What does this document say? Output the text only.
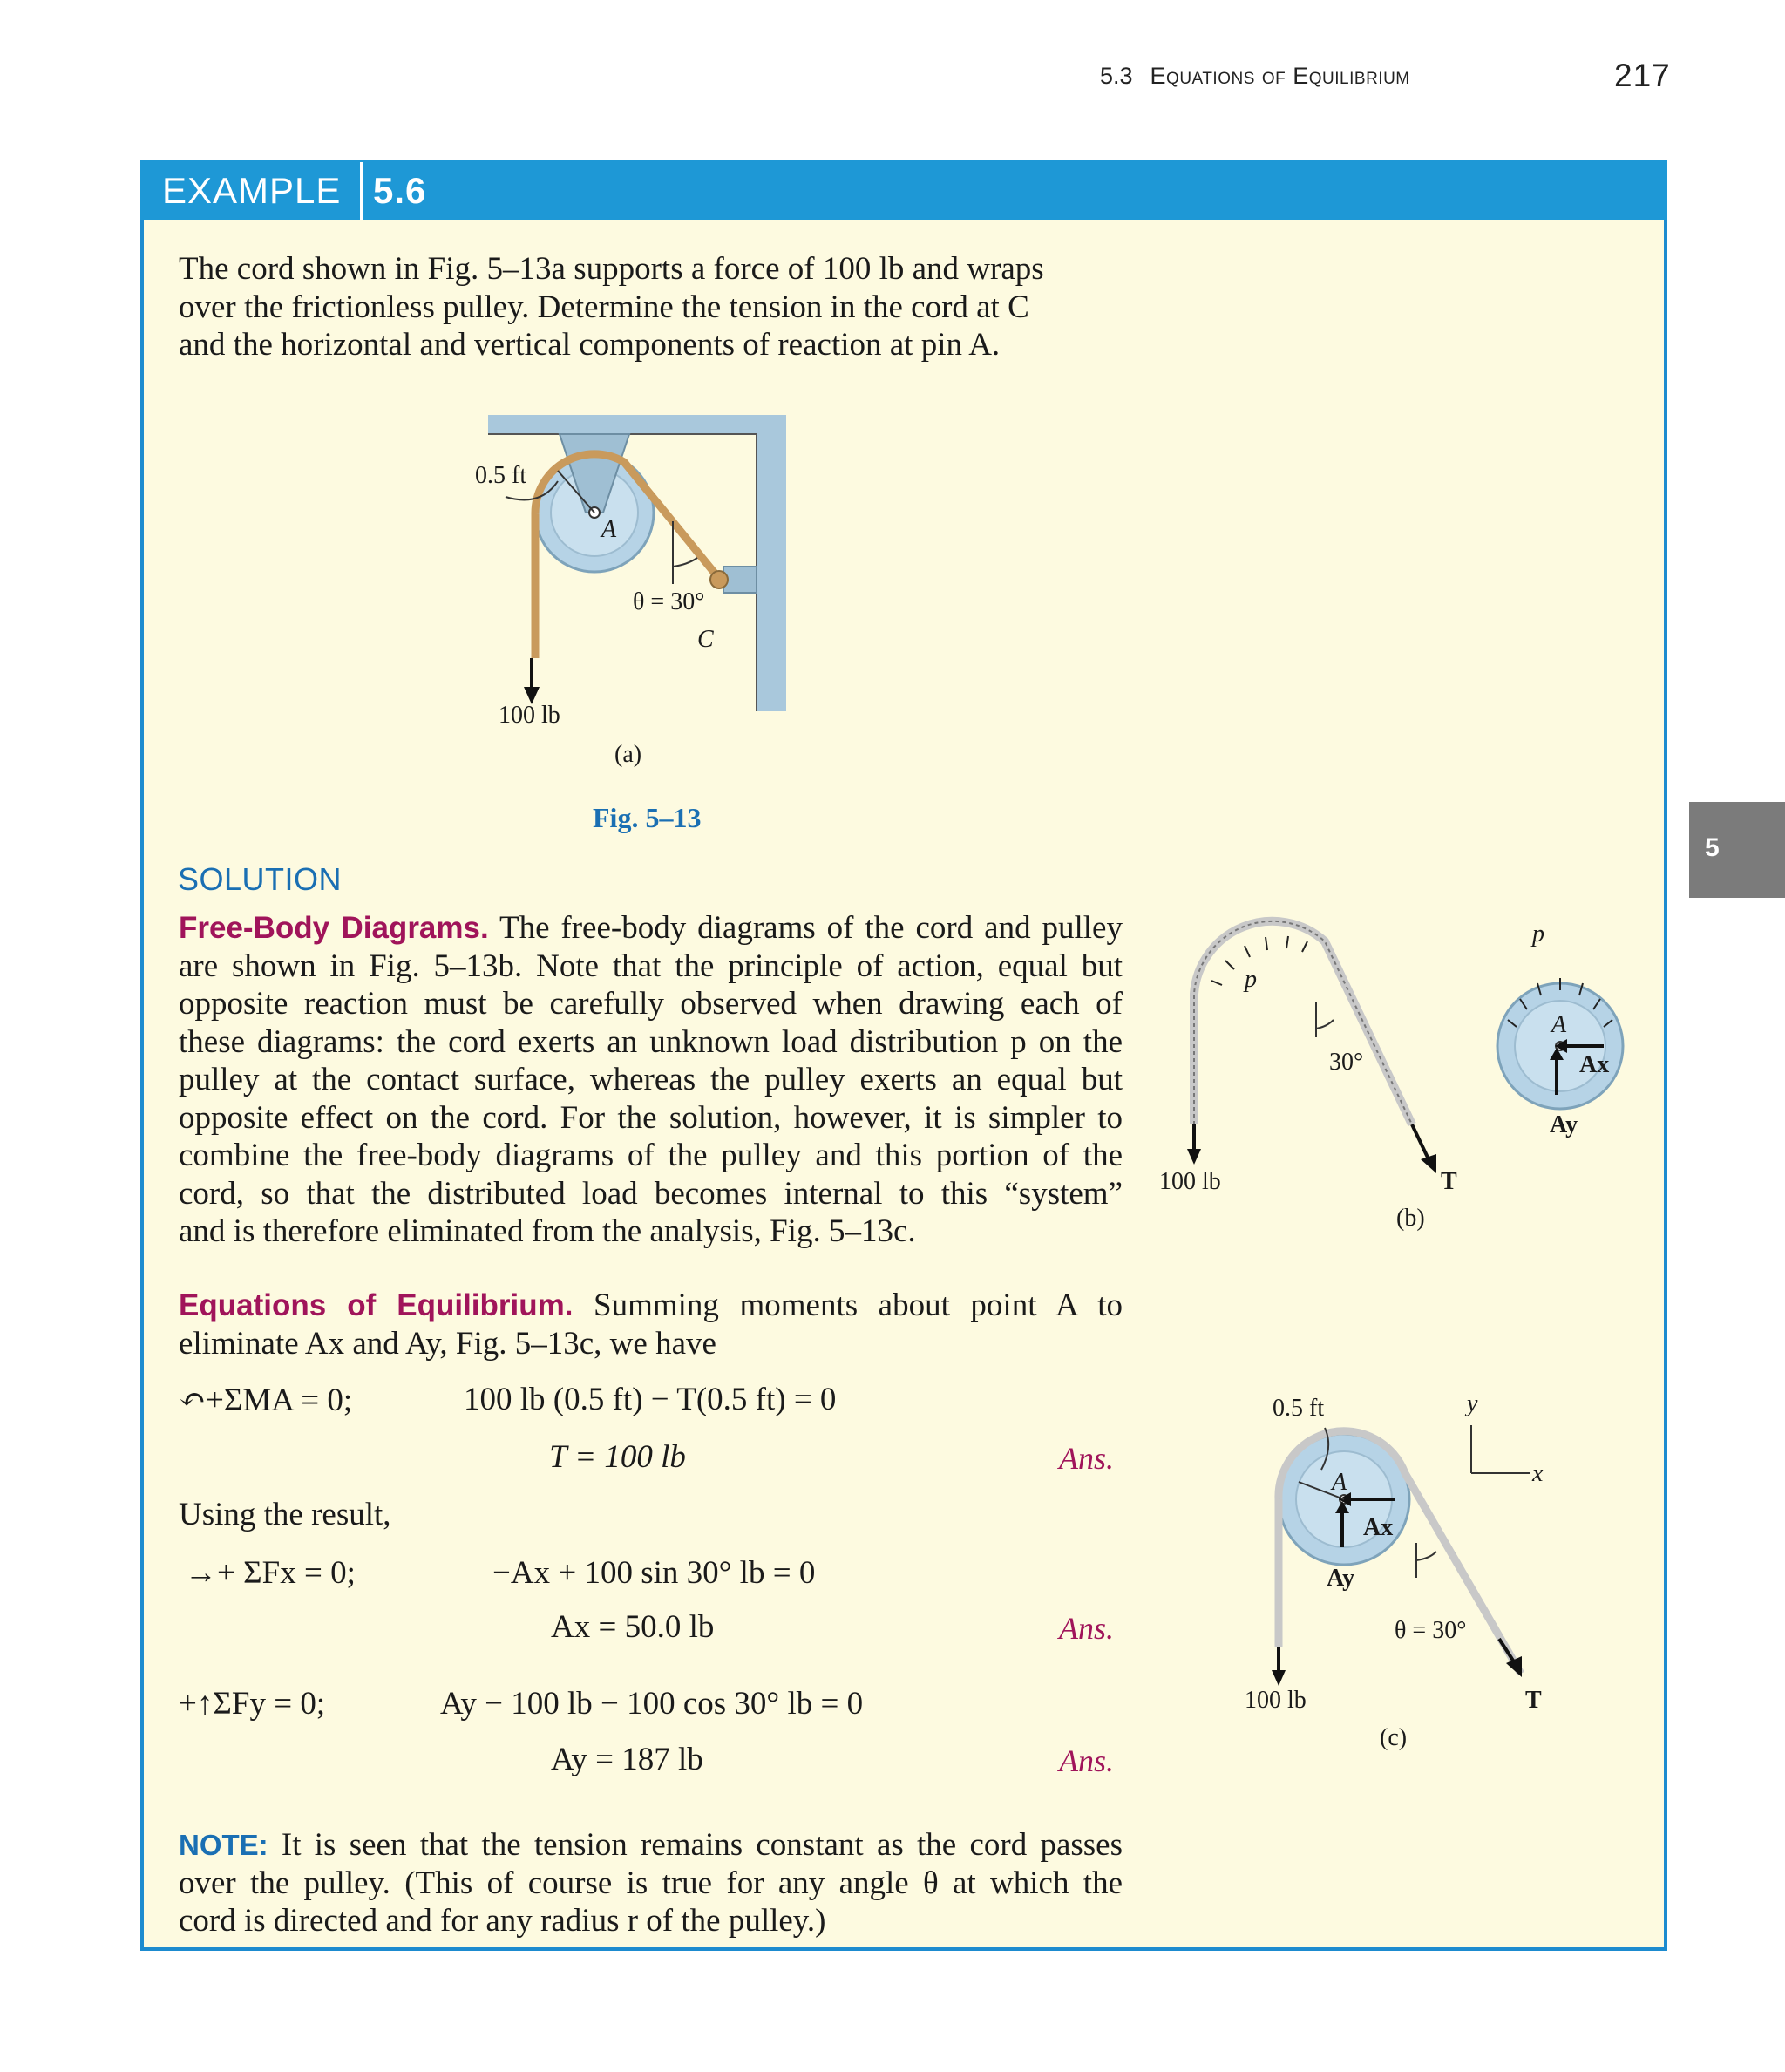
5.3 Equations of Equilibrium	217
5
EXAMPLE 5.6
The cord shown in Fig. 5–13a supports a force of 100 lb and wraps
over the frictionless pulley. Determine the tension in the cord at C
and the horizontal and vertical components of reaction at pin A.
0.5 ft
A
θ = 30°
C
100 lb
(a)
Fig. 5–13
SOLUTION
Free-Body Diagrams. The free-body diagrams of the cord and pulley
are shown in Fig. 5–13b. Note that the principle of action, equal but
opposite reaction must be carefully observed when drawing each of
these diagrams: the cord exerts an unknown load distribution p on the
pulley at the contact surface, whereas the pulley exerts an equal but
opposite effect on the cord. For the solution, however, it is simpler to
combine the free-body diagrams of the pulley and this portion of the
cord, so that the distributed load becomes internal to this “system”
and is therefore eliminated from the analysis, Fig. 5–13c.
Equations of Equilibrium. Summing moments about point A to
eliminate Ax and Ay, Fig. 5–13c, we have
↶+ΣMA = 0;	100 lb (0.5 ft) − T(0.5 ft) = 0
T = 100 lb	Ans.
Using the result,
→+ ΣFx = 0;	−Ax + 100 sin 30° lb = 0
Ax = 50.0 lb	Ans.
+↑ΣFy = 0;	Ay − 100 lb − 100 cos 30° lb = 0
Ay = 187 lb	Ans.
NOTE: It is seen that the tension remains constant as the cord passes
over the pulley. (This of course is true for any angle θ at which the
cord is directed and for any radius r of the pulley.)
p
30°
100 lb	T
(b)
p
A
Ax
Ay
0.5 ft	y
x
A
Ax
Ay
θ = 30°
100 lb	T
(c)
